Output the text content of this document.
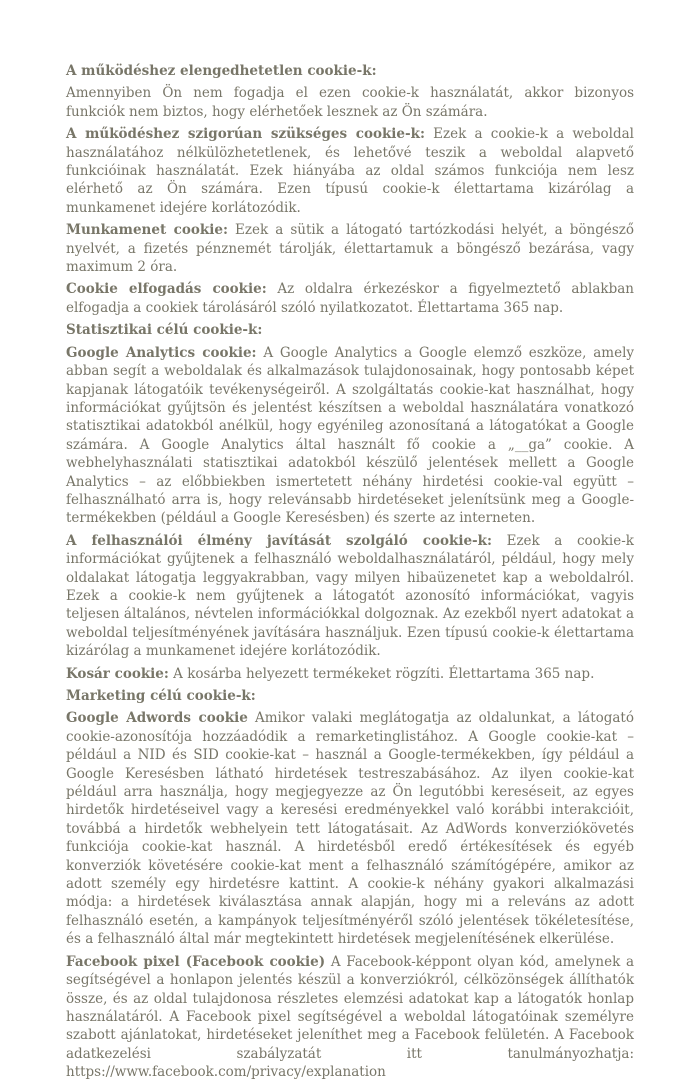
A működéshez elengedhetetlen cookie-k:

Amennyiben Ön nem fogadja el ezen cookie-k használatát, akkor bizonyos funkciók nem biztos, hogy elérhetőek lesznek az Ön számára.

A működéshez szigorúan szükséges cookie-k: Ezek a cookie-k a weboldal használatához nélkülözhetetlenek, és lehetővé teszik a weboldal alapvető funkcióinak használatát. Ezek hiányába az oldal számos funkciója nem lesz elérhető az Ön számára. Ezen típusú cookie-k élettartama kizárólag a munkamenet idejére korlátozódik.

Munkamenet cookie: Ezek a sütik a látogató tartózkodási helyét, a böngésző nyelvét, a fizetés pénznemét tárolják, élettartamuk a böngésző bezárása, vagy maximum 2 óra.

Cookie elfogadás cookie: Az oldalra érkezéskor a figyelmeztető ablakban elfogadja a cookiek tárolásáról szóló nyilatkozatot. Élettartama 365 nap.

Statisztikai célú cookie-k:

Google Analytics cookie: A Google Analytics a Google elemző eszköze, amely abban segít a weboldalak és alkalmazások tulajdonosainak, hogy pontosabb képet kapjanak látogatóik tevékenységeiről. A szolgáltatás cookie-kat használhat, hogy információkat gyűjtsön és jelentést készítsen a weboldal használatára vonatkozó statisztikai adatokból anélkül, hogy egyénileg azonosítaná a látogatókat a Google számára. A Google Analytics által használt fő cookie a „__ga” cookie. A webhelyhasználati statisztikai adatokból készülő jelentések mellett a Google Analytics – az előbbiekben ismertetett néhány hirdetési cookie-val együtt – felhasználható arra is, hogy relevánsabb hirdetéseket jelenítsünk meg a Google-termékekben (például a Google Keresésben) és szerte az interneten.

A felhasználói élmény javítását szolgáló cookie-k: Ezek a cookie-k információkat gyűjtenek a felhasználó weboldalhasználatáról, például, hogy mely oldalakat látogatja leggyakrabban, vagy milyen hibaüzenetet kap a weboldalról. Ezek a cookie-k nem gyűjtenek a látogatót azonosító információkat, vagyis teljesen általános, névtelen információkkal dolgoznak. Az ezekből nyert adatokat a weboldal teljesítményének javítására használjuk. Ezen típusú cookie-k élettartama kizárólag a munkamenet idejére korlátozódik.

Kosár cookie: A kosárba helyezett termékeket rögzíti. Élettartama 365 nap.

Marketing célú cookie-k:

Google Adwords cookie Amikor valaki meglátogatja az oldalunkat, a látogató cookie-azonosítója hozzáadódik a remarketinglistához. A Google cookie-kat – például a NID és SID cookie-kat – használ a Google-termékekben, így például a Google Keresésben látható hirdetések testreszabásához. Az ilyen cookie-kat például arra használja, hogy megjegyezze az Ön legutóbbi kereséseit, az egyes hirdetők hirdetéseivel vagy a keresési eredményekkel való korábbi interakcióit, továbbá a hirdetők webhelyein tett látogatásait. Az AdWords konverziókövetés funkciója cookie-kat használ. A hirdetésből eredő értékesítések és egyéb konverziók követésére cookie-kat ment a felhasználó számítógépére, amikor az adott személy egy hirdetésre kattint. A cookie-k néhány gyakori alkalmazási módja: a hirdetések kiválasztása annak alapján, hogy mi a releváns az adott felhasználó esetén, a kampányok teljesítményéről szóló jelentések tökéletesítése, és a felhasználó által már megtekintett hirdetések megjelenítésének elkerülése.

Facebook pixel (Facebook cookie) A Facebook-képpont olyan kód, amelynek a segítségével a honlapon jelentés készül a konverziókról, célközönségek állíthatók össze, és az oldal tulajdonosa részletes elemzési adatokat kap a látogatók honlap használatáról. A Facebook pixel segítségével a weboldal látogatóinak személyre szabott ajánlatokat, hirdetéseket jeleníthet meg a Facebook felületén. A Facebook adatkezelési szabályzatát itt tanulmányozhatja: https://www.facebook.com/privacy/explanation
